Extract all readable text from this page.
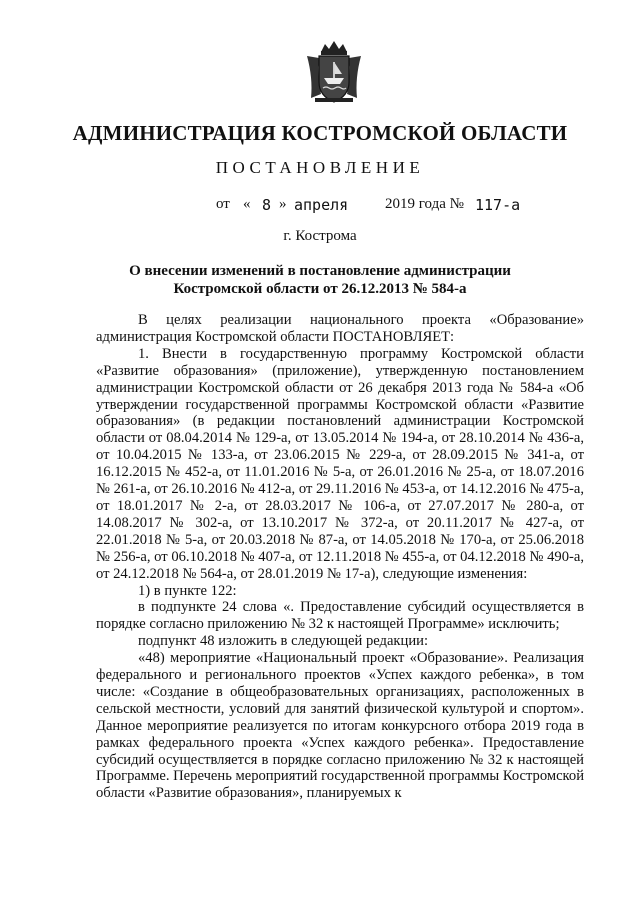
АДМИНИСТРАЦИЯ КОСТРОМСКОЙ ОБЛАСТИ
ПОСТАНОВЛЕНИЕ
от « 8 » апреля 2019 года № 117-а
г. Кострома
О внесении изменений в постановление администрации
Костромской области от 26.12.2013 № 584-а

В целях реализации национального проекта «Образование» администрация Костромской области ПОСТАНОВЛЯЕТ:

1. Внести в государственную программу Костромской области «Развитие образования» (приложение), утвержденную постановлением администрации Костромской области от 26 декабря 2013 года № 584-а «Об утверждении государственной программы Костромской области «Развитие образования» (в редакции постановлений администрации Костромской области от 08.04.2014 № 129-а, от 13.05.2014 № 194-а, от 28.10.2014 № 436-а, от 10.04.2015 № 133-а, от 23.06.2015 № 229-а, от 28.09.2015 № 341-а, от 16.12.2015 № 452-а, от 11.01.2016 № 5-а, от 26.01.2016 № 25-а, от 18.07.2016 № 261-а, от 26.10.2016 № 412-а, от 29.11.2016 № 453-а, от 14.12.2016 № 475-а, от 18.01.2017 № 2-а, от 28.03.2017 № 106-а, от 27.07.2017 № 280-а, от 14.08.2017 № 302-а, от 13.10.2017 № 372-а, от 20.11.2017 № 427-а, от 22.01.2018 № 5-а, от 20.03.2018 № 87-а, от 14.05.2018 № 170-а, от 25.06.2018 № 256-а, от 06.10.2018 № 407-а, от 12.11.2018 № 455-а, от 04.12.2018 № 490-а, от 24.12.2018 № 564-а, от 28.01.2019 № 17-а), следующие изменения:

1) в пункте 122:

в подпункте 24 слова «. Предоставление субсидий осуществляется в порядке согласно приложению № 32 к настоящей Программе» исключить;

подпункт 48 изложить в следующей редакции:

«48) мероприятие «Национальный проект «Образование». Реализация федерального и регионального проектов «Успех каждого ребенка», в том числе: «Создание в общеобразовательных организациях, расположенных в сельской местности, условий для занятий физической культурой и спортом». Данное мероприятие реализуется по итогам конкурсного отбора 2019 года в рамках федерального проекта «Успех каждого ребенка». Предоставление субсидий осуществляется в порядке согласно приложению № 32 к настоящей Программе. Перечень мероприятий государственной программы Костромской области «Развитие образования», планируемых к
